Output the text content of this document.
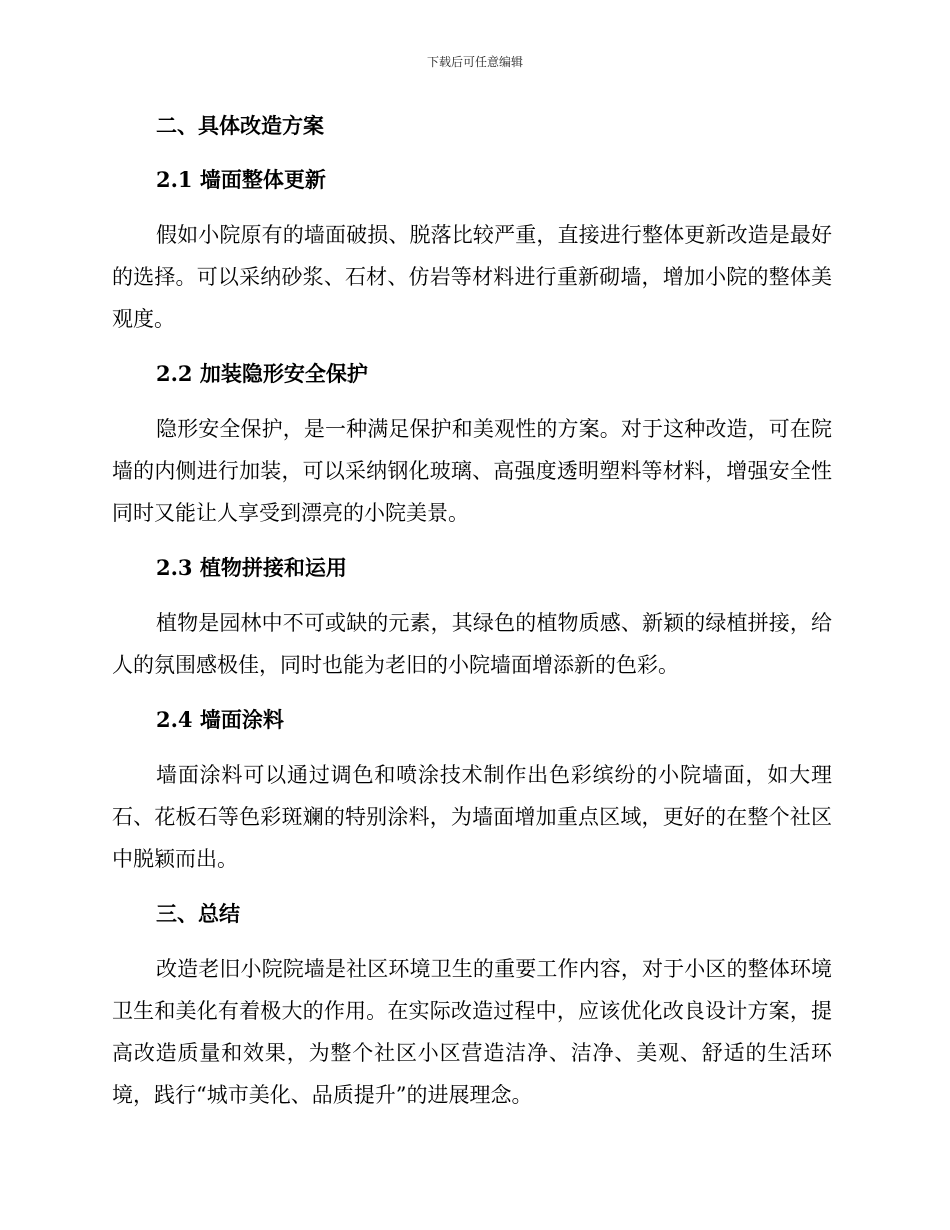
下载后可任意编辑
二、具体改造方案
2.1 墙面整体更新

假如小院原有的墙面破损、脱落比较严重，直接进行整体更新改造是最好的选择。可以采纳砂浆、石材、仿岩等材料进行重新砌墙，增加小院的整体美观度。

2.2 加装隐形安全保护

隐形安全保护，是一种满足保护和美观性的方案。对于这种改造，可在院墙的内侧进行加装，可以采纳钢化玻璃、高强度透明塑料等材料，增强安全性同时又能让人享受到漂亮的小院美景。

2.3 植物拼接和运用

植物是园林中不可或缺的元素，其绿色的植物质感、新颖的绿植拼接，给人的氛围感极佳，同时也能为老旧的小院墙面增添新的色彩。

2.4 墙面涂料

墙面涂料可以通过调色和喷涂技术制作出色彩缤纷的小院墙面，如大理石、花板石等色彩斑斓的特别涂料，为墙面增加重点区域，更好的在整个社区中脱颖而出。

三、总结

改造老旧小院院墙是社区环境卫生的重要工作内容，对于小区的整体环境卫生和美化有着极大的作用。在实际改造过程中，应该优化改良设计方案，提高改造质量和效果，为整个社区小区营造洁净、洁净、美观、舒适的生活环境，践行“城市美化、品质提升”的进展理念。
